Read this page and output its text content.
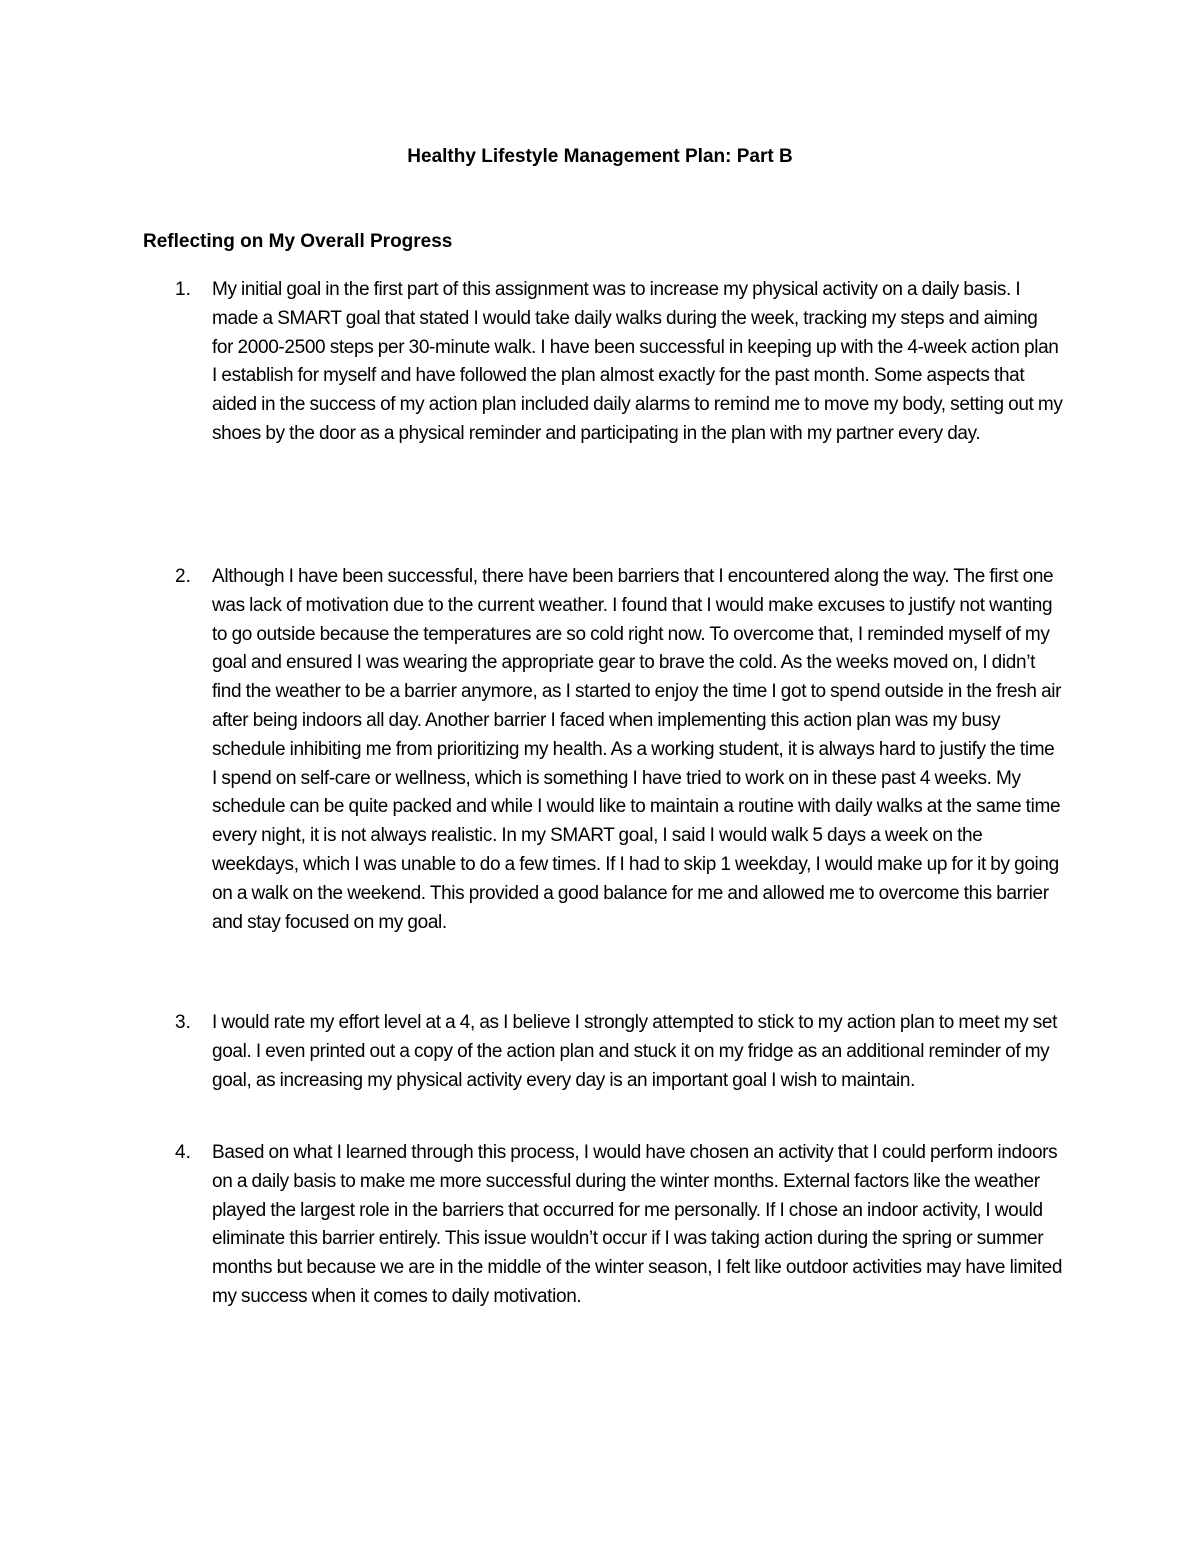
Healthy Lifestyle Management Plan: Part B
Reflecting on My Overall Progress
1. My initial goal in the first part of this assignment was to increase my physical activity on a daily basis. I made a SMART goal that stated I would take daily walks during the week, tracking my steps and aiming for 2000-2500 steps per 30-minute walk. I have been successful in keeping up with the 4-week action plan I establish for myself and have followed the plan almost exactly for the past month. Some aspects that aided in the success of my action plan included daily alarms to remind me to move my body, setting out my shoes by the door as a physical reminder and participating in the plan with my partner every day.

2. Although I have been successful, there have been barriers that I encountered along the way. The first one was lack of motivation due to the current weather. I found that I would make excuses to justify not wanting to go outside because the temperatures are so cold right now. To overcome that, I reminded myself of my goal and ensured I was wearing the appropriate gear to brave the cold. As the weeks moved on, I didn’t find the weather to be a barrier anymore, as I started to enjoy the time I got to spend outside in the fresh air after being indoors all day. Another barrier I faced when implementing this action plan was my busy schedule inhibiting me from prioritizing my health. As a working student, it is always hard to justify the time I spend on self-care or wellness, which is something I have tried to work on in these past 4 weeks. My schedule can be quite packed and while I would like to maintain a routine with daily walks at the same time every night, it is not always realistic. In my SMART goal, I said I would walk 5 days a week on the weekdays, which I was unable to do a few times. If I had to skip 1 weekday, I would make up for it by going on a walk on the weekend. This provided a good balance for me and allowed me to overcome this barrier and stay focused on my goal.

3. I would rate my effort level at a 4, as I believe I strongly attempted to stick to my action plan to meet my set goal. I even printed out a copy of the action plan and stuck it on my fridge as an additional reminder of my goal, as increasing my physical activity every day is an important goal I wish to maintain.

4. Based on what I learned through this process, I would have chosen an activity that I could perform indoors on a daily basis to make me more successful during the winter months. External factors like the weather played the largest role in the barriers that occurred for me personally. If I chose an indoor activity, I would eliminate this barrier entirely. This issue wouldn’t occur if I was taking action during the spring or summer months but because we are in the middle of the winter season, I felt like outdoor activities may have limited my success when it comes to daily motivation.
